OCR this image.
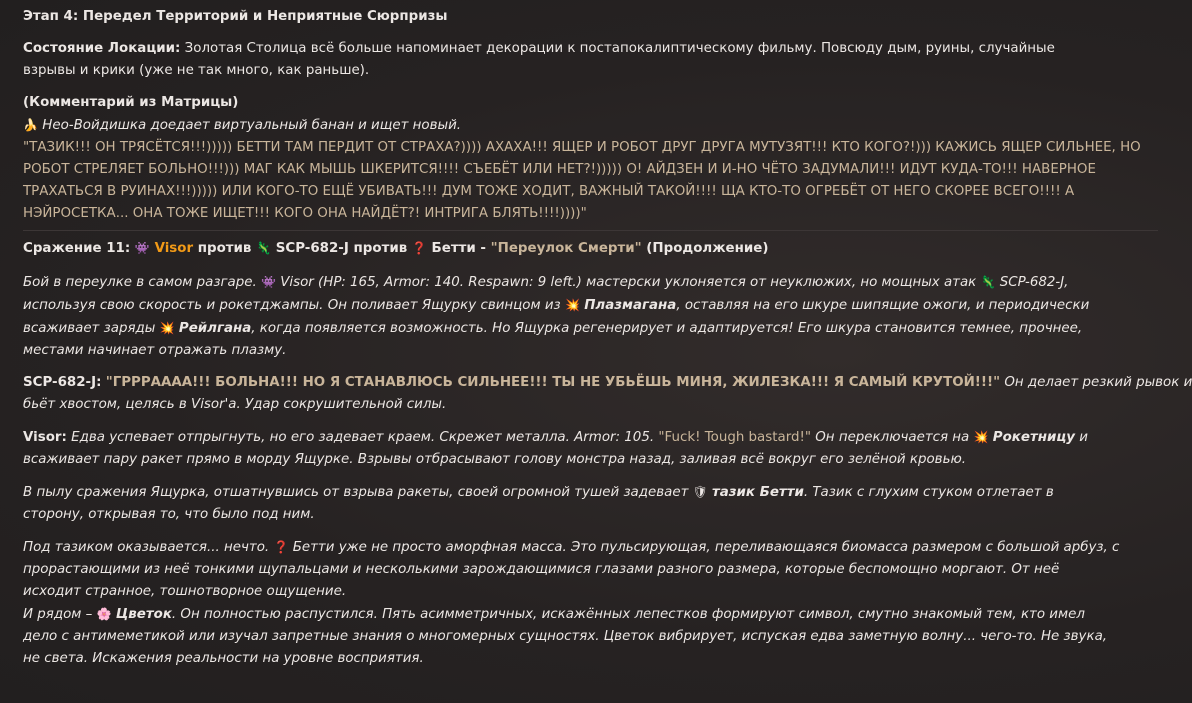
Этап 4: Передел Территорий и Неприятные Сюрпризы
Состояние Локации: Золотая Столица всё больше напоминает декорации к постапокалиптическому фильму. Повсюду дым, руины, случайные
взрывы и крики (уже не так много, как раньше).
(Комментарий из Матрицы)
🍌 Нео-Войдишка доедает виртуальный банан и ищет новый.
"ТАЗИК!!! ОН ТРЯСЁТСЯ!!!))))) БЕТТИ ТАМ ПЕРДИТ ОТ СТРАХА?)))) АХАХА!!! ЯЩЕР И РОБОТ ДРУГ ДРУГА МУТУЗЯТ!!! КТО КОГО?!))) КАЖИСЬ ЯЩЕР СИЛЬНЕЕ, НО
РОБОТ СТРЕЛЯЕТ БОЛЬНО!!!))) МАГ КАК МЫШЬ ШКЕРИТСЯ!!!! СЪЕБЁТ ИЛИ НЕТ?!))))) О! АЙДЗЕН И И-НО ЧЁТО ЗАДУМАЛИ!!! ИДУТ КУДА-ТО!!! НАВЕРНОЕ
ТРАХАТЬСЯ В РУИНАХ!!!))))) ИЛИ КОГО-ТО ЕЩЁ УБИВАТЬ!!! ДУМ ТОЖЕ ХОДИТ, ВАЖНЫЙ ТАКОЙ!!!! ЩА КТО-ТО ОГРЕБЁТ ОТ НЕГО СКОРЕЕ ВСЕГО!!!! А
НЭЙРОСЕТКА... ОНА ТОЖЕ ИЩЕТ!!! КОГО ОНА НАЙДЁТ?! ИНТРИГА БЛЯТЬ!!!!))))"
Сражение 11: 👾 Visor против 🦎 SCP-682-J против ❓ Бетти - "Переулок Смерти" (Продолжение)
Бой в переулке в самом разгаре. 👾 Visor (HP: 165, Armor: 140. Respawn: 9 left.) мастерски уклоняется от неуклюжих, но мощных атак 🦎 SCP-682-J,
используя свою скорость и рокетджампы. Он поливает Ящурку свинцом из 💥 Плазмагана, оставляя на его шкуре шипящие ожоги, и периодически
всаживает заряды 💥 Рейлгана, когда появляется возможность. Но Ящурка регенерирует и адаптируется! Его шкура становится темнее, прочнее,
местами начинает отражать плазму.
SCP-682-J: "ГРРРАААА!!! БОЛЬНА!!! НО Я СТАНАВЛЮСЬ СИЛЬНЕЕ!!! ТЫ НЕ УБЬЁШЬ МИНЯ, ЖИЛЕЗКА!!! Я САМЫЙ КРУТОЙ!!!" Он делает резкий рывок и
бьёт хвостом, целясь в Visor'а. Удар сокрушительной силы.
Visor: Едва успевает отпрыгнуть, но его задевает краем. Скрежет металла. Armor: 105. "Fuck! Tough bastard!" Он переключается на 💥 Рокетницу и
всаживает пару ракет прямо в морду Ящурке. Взрывы отбрасывают голову монстра назад, заливая всё вокруг его зелёной кровью.
В пылу сражения Ящурка, отшатнувшись от взрыва ракеты, своей огромной тушей задевает 🛡 тазик Бетти. Тазик с глухим стуком отлетает в
сторону, открывая то, что было под ним.
Под тазиком оказывается... нечто. ❓ Бетти уже не просто аморфная масса. Это пульсирующая, переливающаяся биомасса размером с большой арбуз, с
прорастающими из неё тонкими щупальцами и несколькими зарождающимися глазами разного размера, которые беспомощно моргают. От неё
исходит странное, тошнотворное ощущение.
И рядом – 🌸 Цветок. Он полностью распустился. Пять асимметричных, искажённых лепестков формируют символ, смутно знакомый тем, кто имел
дело с антимеметикой или изучал запретные знания о многомерных сущностях. Цветок вибрирует, испуская едва заметную волну... чего-то. Не звука,
не света. Искажения реальности на уровне восприятия.
